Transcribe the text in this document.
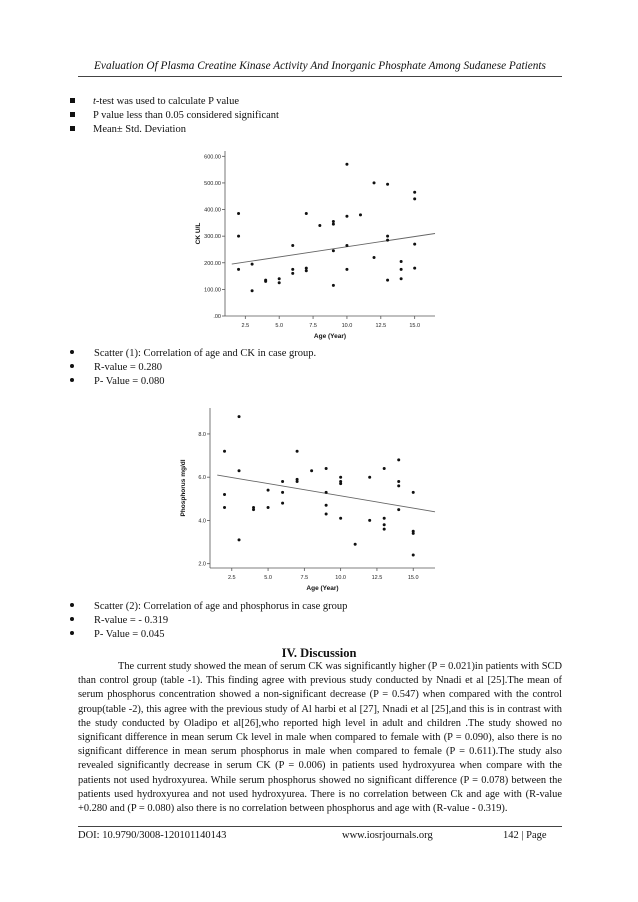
Evaluation Of Plasma Creatine Kinase Activity And Inorganic Phosphate Among Sudanese Patients
t-test was used to calculate P value
P value less than 0.05 considered significant
Mean± Std. Deviation
2.5	5.0	7.5	10.0	12.5	15.0
.00
100.00
200.00
300.00
400.00
500.00
600.00
Age (Year)
CK U/L
Scatter (1): Correlation of age and CK in case group.
R-value = 0.280
P- Value = 0.080
2.5	5.0	7.5	10.0	12.5	15.0
2.0
4.0
6.0
8.0
Age (Year)
Phosphorus mg/dl
Scatter (2): Correlation of age and phosphorus in case group
R-value = - 0.319
P- Value = 0.045
IV. Discussion
The current study showed the mean of serum CK was significantly higher (P = 0.021)in patients with SCD than control group (table -1). This finding agree with previous study conducted by Nnadi et al [25].The mean of serum phosphorus concentration showed a non-significant decrease (P = 0.547) when compared with the control group(table -2), this agree with the previous study of Al harbi et al [27], Nnadi et al [25],and this is in contrast with the study conducted by Oladipo et al[26],who reported high level in adult and children .The study showed no significant difference in mean serum Ck level in male when compared to female with (P = 0.090), also there is no significant difference in mean serum phosphorus in male when compared to female (P = 0.611).The study also revealed significantly decrease in serum CK (P = 0.006) in patients used hydroxyurea when compare with the patients not used hydroxyurea. While serum phosphorus showed no significant difference (P = 0.078) between the patients used hydroxyurea and not used hydroxyurea. There is no correlation between Ck and age with (R-value +0.280 and (P = 0.080) also there is no correlation between phosphorus and age with (R-value - 0.319).
DOI: 10.9790/3008-120101140143	www.iosrjournals.org	142 | Page
